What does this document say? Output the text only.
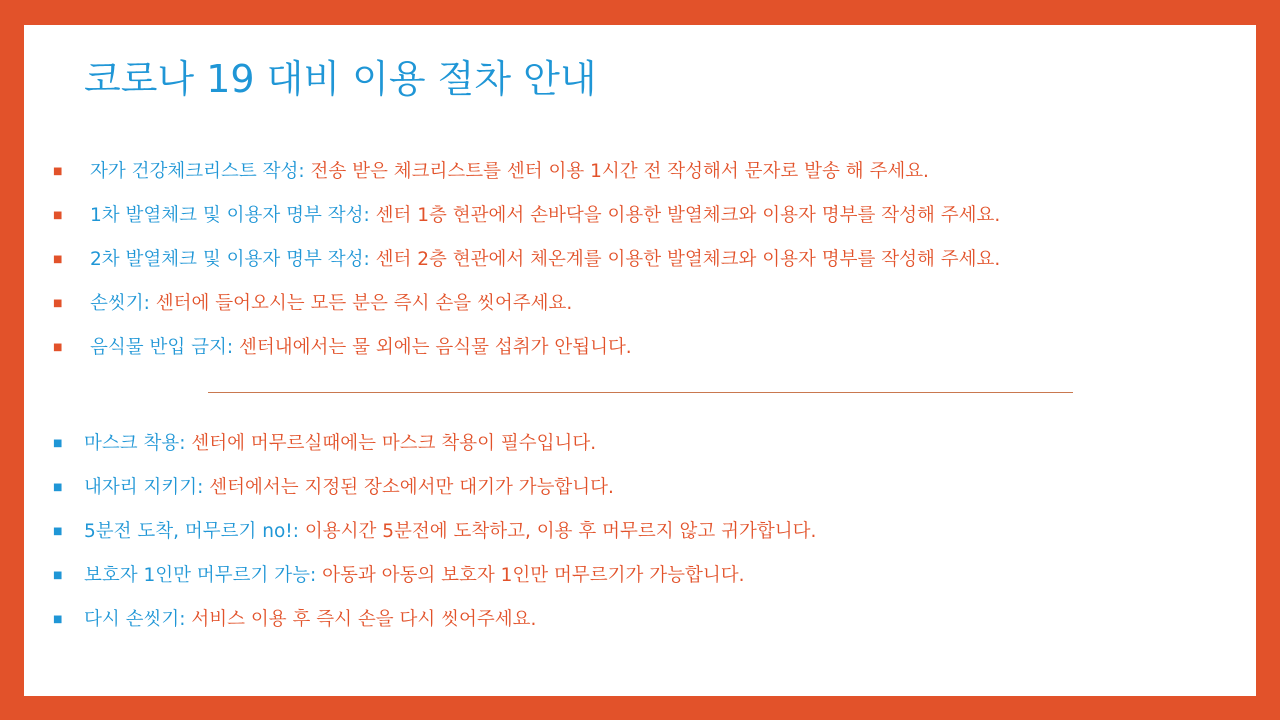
코로나 19 대비 이용 절차 안내
■ 자가 건강체크리스트 작성: 전송 받은 체크리스트를 센터 이용 1시간 전 작성해서 문자로 발송 해 주세요.
■ 1차 발열체크 및 이용자 명부 작성: 센터 1층 현관에서 손바닥을 이용한 발열체크와 이용자 명부를 작성해 주세요.
■ 2차 발열체크 및 이용자 명부 작성: 센터 2층 현관에서 체온계를 이용한 발열체크와 이용자 명부를 작성해 주세요.
■ 손씻기: 센터에 들어오시는 모든 분은 즉시 손을 씻어주세요.
■ 음식물 반입 금지: 센터내에서는 물 외에는 음식물 섭취가 안됩니다.
■ 마스크 착용: 센터에 머무르실때에는 마스크 착용이 필수입니다.
■ 내자리 지키기: 센터에서는 지정된 장소에서만 대기가 가능합니다.
■ 5분전 도착, 머무르기 no!: 이용시간 5분전에 도착하고, 이용 후 머무르지 않고 귀가합니다.
■ 보호자 1인만 머무르기 가능: 아동과 아동의 보호자 1인만 머무르기가 가능합니다.
■ 다시 손씻기: 서비스 이용 후 즉시 손을 다시 씻어주세요.
